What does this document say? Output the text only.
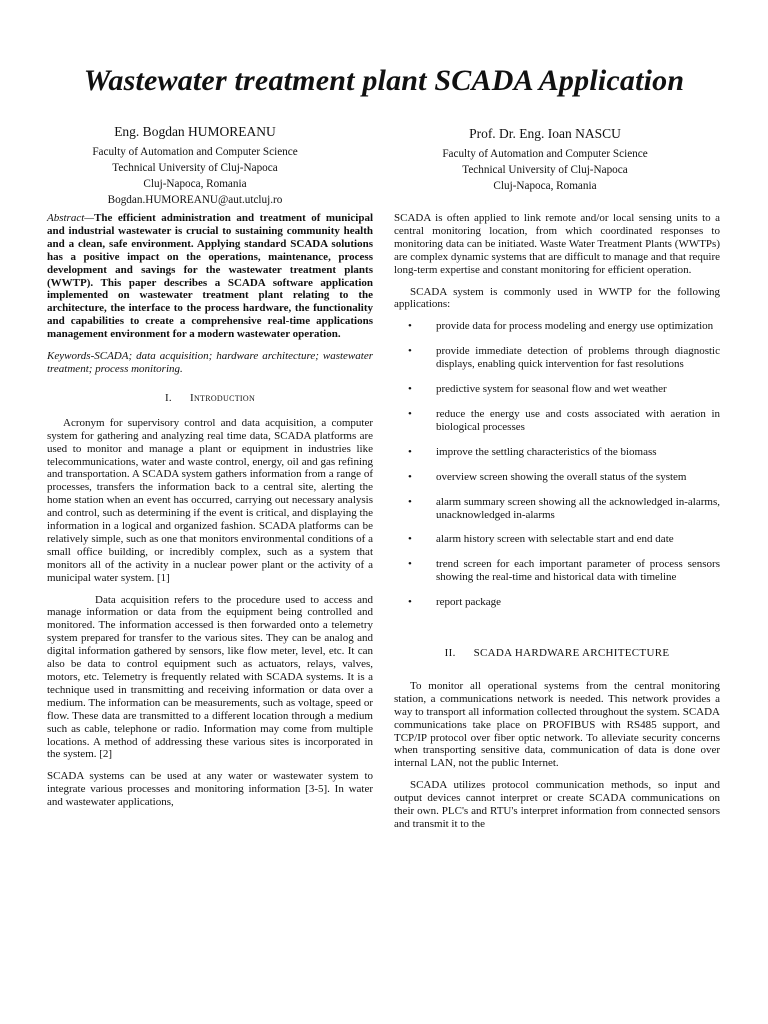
Wastewater treatment plant SCADA Application
Eng. Bogdan HUMOREANU
Faculty of Automation and Computer Science
Technical University of Cluj-Napoca
Cluj-Napoca, Romania
Bogdan.HUMOREANU@aut.utcluj.ro
Prof. Dr. Eng. Ioan NASCU
Faculty of Automation and Computer Science
Technical University of Cluj-Napoca
Cluj-Napoca, Romania

Abstract—The efficient administration and treatment of municipal and industrial wastewater is crucial to sustaining community health and a clean, safe environment. Applying standard SCADA solutions has a positive impact on the operations, maintenance, process development and savings for the wastewater treatment plants (WWTP). This paper describes a SCADA software application implemented on wastewater treatment plant relating to the architecture, the interface to the process hardware, the functionality and capabilities to create a comprehensive real-time applications management environment for a modern wastewater operation.

Keywords-SCADA; data acquisition; hardware architecture; wastewater treatment; process monitoring.

I. Introduction

Acronym for supervisory control and data acquisition, a computer system for gathering and analyzing real time data, SCADA platforms are used to monitor and manage a plant or equipment in industries like telecommunications, water and waste control, energy, oil and gas refining and transportation. A SCADA system gathers information from a range of processes, transfers the information back to a central site, alerting the home station when an event has occurred, carrying out necessary analysis and control, such as determining if the event is critical, and displaying the information in a logical and organized fashion. SCADA platforms can be relatively simple, such as one that monitors environmental conditions of a small office building, or incredibly complex, such as a system that monitors all of the activity in a nuclear power plant or the activity of a municipal water system. [1]

Data acquisition refers to the procedure used to access and manage information or data from the equipment being controlled and monitored. The information accessed is then forwarded onto a telemetry system prepared for transfer to the various sites. They can be analog and digital information gathered by sensors, like flow meter, level, etc. It can also be data to control equipment such as actuators, relays, valves, motors, etc. Telemetry is frequently related with SCADA systems. It is a technique used in transmitting and receiving information or data over a medium. The information can be measurements, such as voltage, speed or flow. These data are transmitted to a different location through a medium such as cable, telephone or radio. Information may come from multiple locations. A method of addressing these various sites is incorporated in the system. [2]

SCADA systems can be used at any water or wastewater system to integrate various processes and monitoring information [3-5]. In water and wastewater applications,

SCADA is often applied to link remote and/or local sensing units to a central monitoring location, from which coordinated responses to monitoring data can be initiated. Waste Water Treatment Plants (WWTPs) are complex dynamic systems that are difficult to manage and that require long-term expertise and constant monitoring for efficient operation.

SCADA system is commonly used in WWTP for the following applications:

• provide data for process modeling and energy use optimization
• provide immediate detection of problems through diagnostic displays, enabling quick intervention for fast resolutions
• predictive system for seasonal flow and wet weather
• reduce the energy use and costs associated with aeration in biological processes
• improve the settling characteristics of the biomass
• overview screen showing the overall status of the system
• alarm summary screen showing all the acknowledged in-alarms, unacknowledged in-alarms
• alarm history screen with selectable start and end date
• trend screen for each important parameter of process sensors showing the real-time and historical data with timeline
• report package
II. SCADA HARDWARE ARCHITECTURE

To monitor all operational systems from the central monitoring station, a communications network is needed. This network provides a way to transport all information collected throughout the system. SCADA communications take place on PROFIBUS with RS485 support, and TCP/IP protocol over fiber optic network. To alleviate security concerns when transporting sensitive data, communication of data is done over internal LAN, not the public Internet.

SCADA utilizes protocol communication methods, so input and output devices cannot interpret or create SCADA communications on their own. PLC's and RTU's interpret information from connected sensors and transmit it to the
